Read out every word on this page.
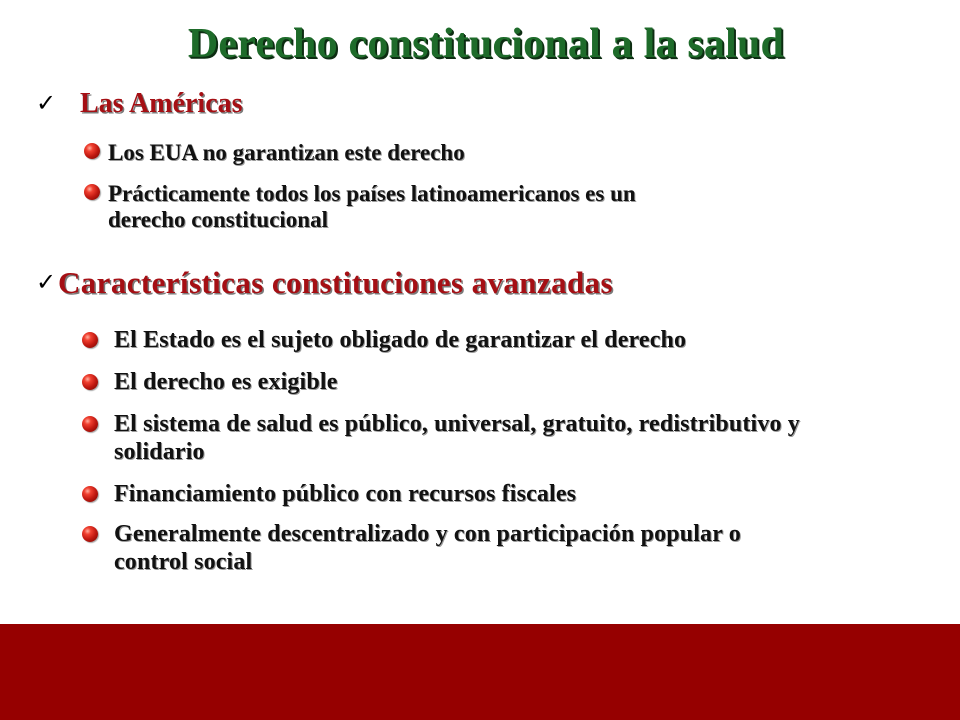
Derecho constitucional a la salud
✓ Las Américas
Los EUA no garantizan este derecho
Prácticamente todos los países latinoamericanos es un
derecho constitucional
✓ Características constituciones avanzadas
El Estado es el sujeto obligado de garantizar el derecho
El derecho es exigible
El sistema de salud es público, universal, gratuito, redistributivo y
solidario
Financiamiento público con recursos fiscales
Generalmente descentralizado y con participación popular o
control social
